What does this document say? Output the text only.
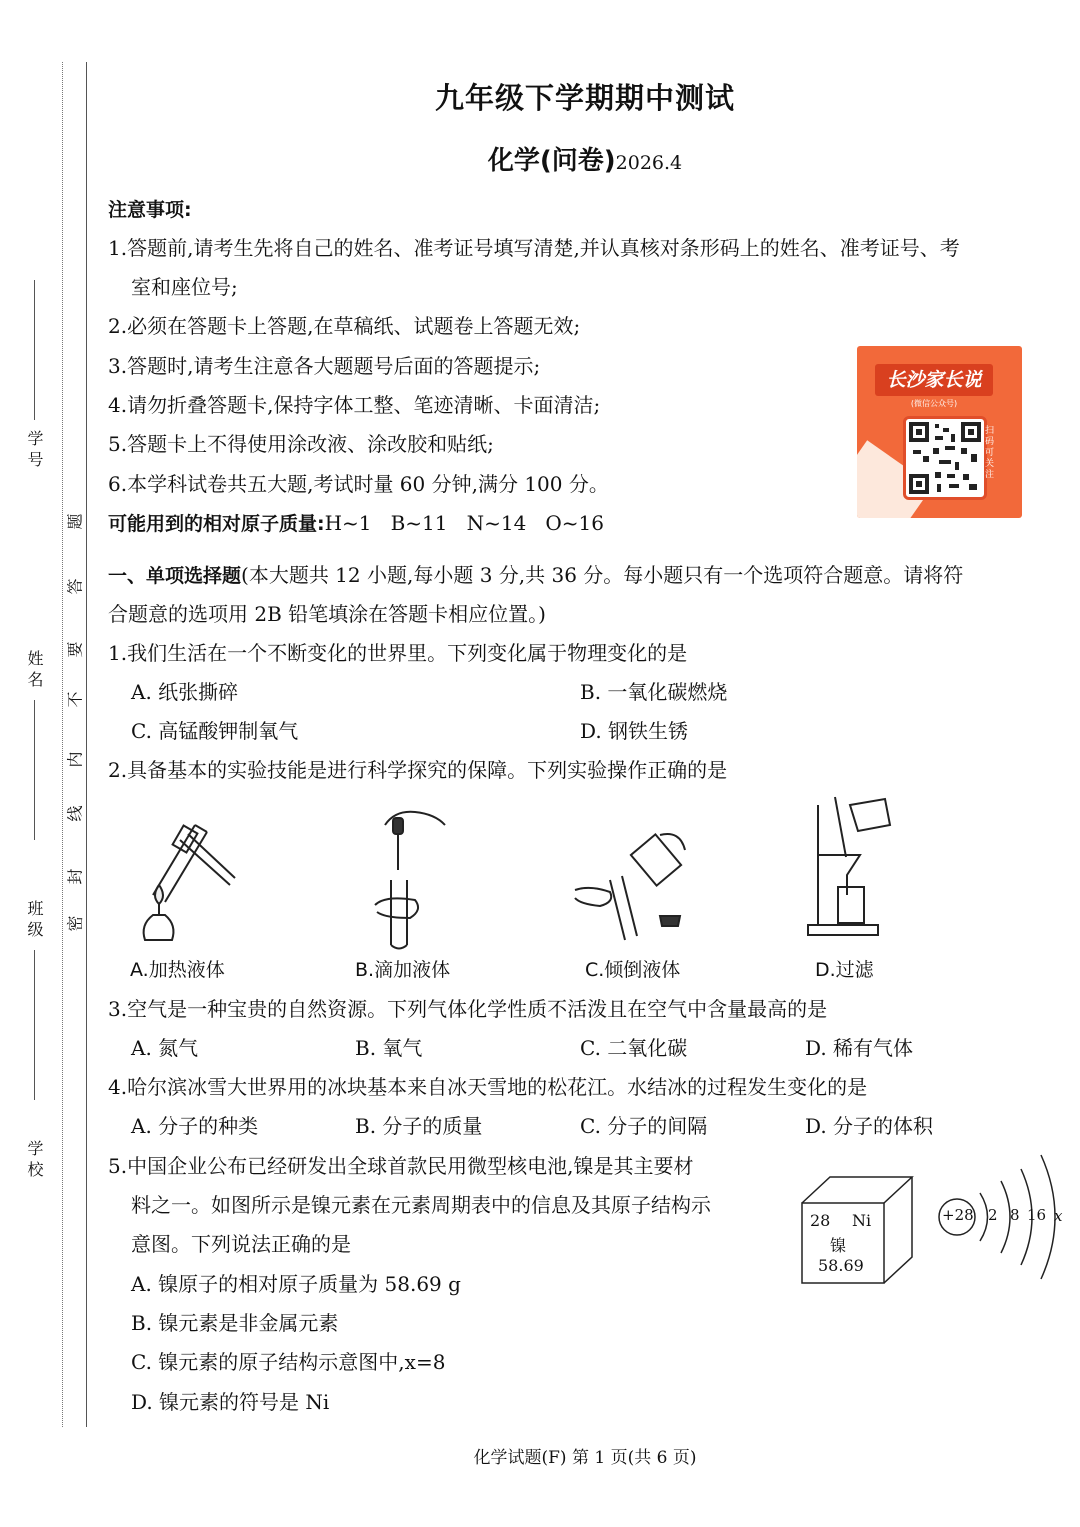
学 号
姓 名
班 级
学 校
题
答
要
不
内
线
封
密
九年级下学期期中测试
化学(问卷)2026.4
注意事项:
1.答题前,请考生先将自己的姓名、准考证号填写清楚,并认真核对条形码上的姓名、准考证号、考
室和座位号;
2.必须在答题卡上答题,在草稿纸、试题卷上答题无效;
3.答题时,请考生注意各大题题号后面的答题提示;
4.请勿折叠答题卡,保持字体工整、笔迹清晰、卡面清洁;
5.答题卡上不得使用涂改液、涂改胶和贴纸;
6.本学科试卷共五大题,考试时量 60 分钟,满分 100 分。
可能用到的相对原子质量:H~1   B~11   N~14   O~16
长沙家长说
(微信公众号)
扫码可关注
一、单项选择题(本大题共 12 小题,每小题 3 分,共 36 分。每小题只有一个选项符合题意。请将符
合题意的选项用 2B 铅笔填涂在答题卡相应位置。)
1.我们生活在一个不断变化的世界里。下列变化属于物理变化的是
A. 纸张撕碎	B. 一氧化碳燃烧
C. 高锰酸钾制氧气	D. 钢铁生锈
2.具备基本的实验技能是进行科学探究的保障。下列实验操作正确的是
A.加热液体	B.滴加液体	C.倾倒液体	D.过滤
3.空气是一种宝贵的自然资源。下列气体化学性质不活泼且在空气中含量最高的是
A. 氮气	B. 氧气	C. 二氧化碳	D. 稀有气体
4.哈尔滨冰雪大世界用的冰块基本来自冰天雪地的松花江。水结冰的过程发生变化的是
A. 分子的种类	B. 分子的质量	C. 分子的间隔	D. 分子的体积
5.中国企业公布已经研发出全球首款民用微型核电池,镍是其主要材
料之一。如图所示是镍元素在元素周期表中的信息及其原子结构示
意图。下列说法正确的是
A. 镍原子的相对原子质量为 58.69 g
B. 镍元素是非金属元素
C. 镍元素的原子结构示意图中,x=8
D. 镍元素的符号是 Ni
28 Ni
镍
58.69
+28 2 8 16 x
化学试题(F) 第 1 页(共 6 页)
